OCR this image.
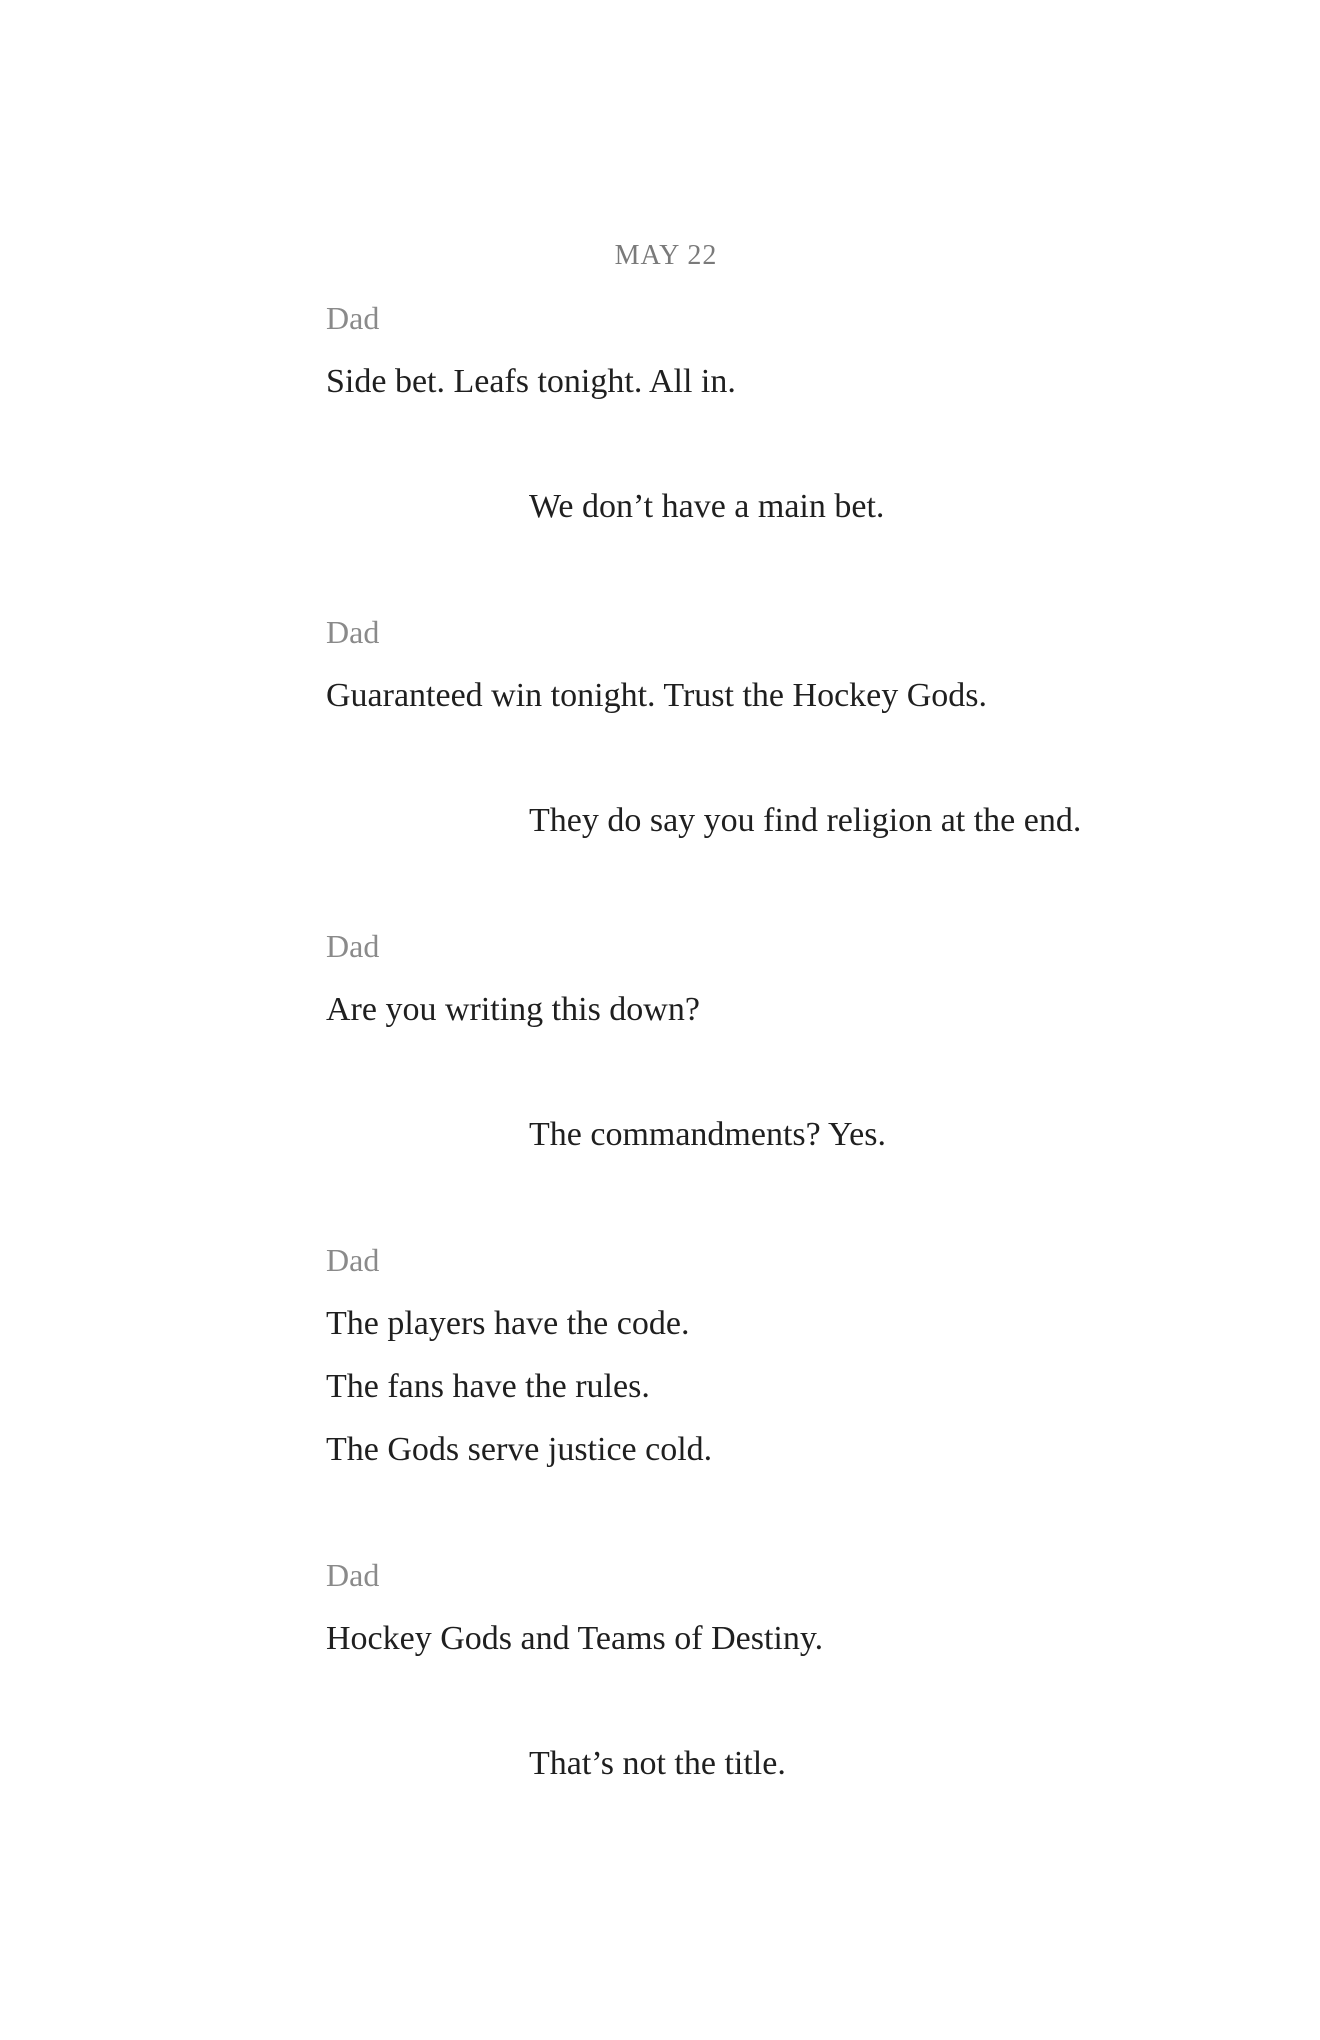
MAY 22
Dad
Side bet. Leafs tonight. All in.
We don’t have a main bet.
Dad
Guaranteed win tonight. Trust the Hockey Gods.
They do say you find religion at the end.
Dad
Are you writing this down?
The commandments? Yes.
Dad
The players have the code.
The fans have the rules.
The Gods serve justice cold.
Dad
Hockey Gods and Teams of Destiny.
That’s not the title.
